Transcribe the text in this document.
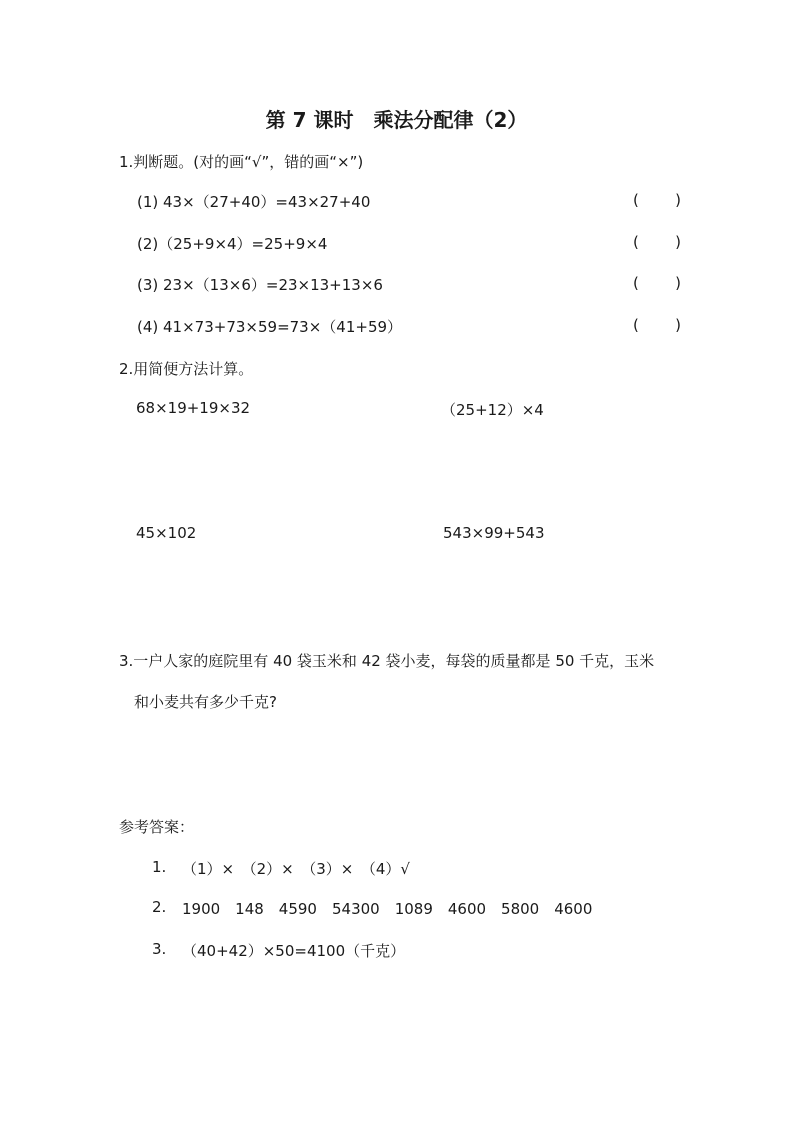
第 7 课时　乘法分配律（2）
1.判断题。(对的画“√”，错的画“×”)
(1) 43×（27+40）=43×27+40	( )
(2)（25+9×4）=25+9×4	( )
(3) 23×（13×6）=23×13+13×6	( )
(4) 41×73+73×59=73×（41+59）	( )
2.用简便方法计算。
68×19+19×32	（25+12）×4
45×102	543×99+543
3.一户人家的庭院里有 40 袋玉米和 42 袋小麦，每袋的质量都是 50 千克，玉米
和小麦共有多少千克?
参考答案：
1. （1）×　（2）×　（3）×　（4）√
2. 1900　148　4590　54300　1089　4600　5800　4600
3. （40+42）×50=4100（千克）
